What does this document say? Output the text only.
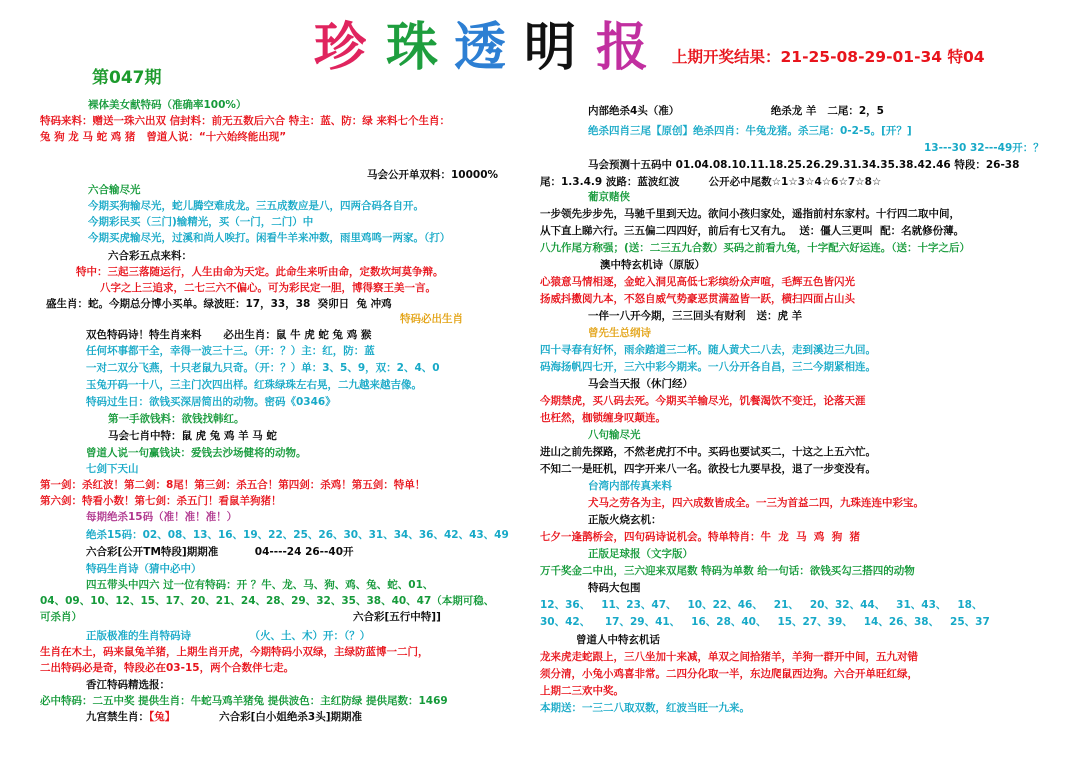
珍 珠 透 明 报
第047期
上期开奖结果：21-25-08-29-01-34 特04
裸体美女献特码（准确率100%）
特码来料：赠送一珠六出双 信封料：前无五数后六合 特主：蓝、防：绿 来料七个生肖：
兔 狗 龙 马 蛇 鸡 猪   曾道人说：“十六始终能出现”
马会公开单双料：10000%
六合输尽光
今期买狗输尽光，蛇儿腾空难成龙。三五成数应是八，四两合码各自开。
今期彩民买（三门)输精光，买（一门，二门）中
今期买虎输尽光，过溪和尚人唉打。闲看牛羊来冲数，雨里鸡鸣一两家。（打）
六合彩五点来料：
特中：三起三落随运行，人生由命为天定。此命生来听由命，定数坎坷莫争辩。
八字之上三追求，二七三六不偏心。可为彩民定一胆，博得察王美一言。
盛生肖：蛇。今期总分博小买单。绿波旺：17，33，38  癸卯日  兔 冲鸡
特码必出生肖
双色特码诗！特生肖来料      必出生肖：鼠 牛 虎 蛇 兔 鸡 猴
任何坏事都干全，幸得一波三十三。（开：？）主：红，防：蓝
一对二双分飞燕，十只老鼠九只奇。（开：？）单：3、5、9，双：2、4、0
玉兔开码一十八，三主门次四出样。红珠绿珠左右晃，二九越来越吉像。
特码过生日：欲钱买深居简出的动物。密码《0346》
第一手欲钱料：欲钱找韩红。
马会七肖中特：鼠 虎 兔 鸡 羊 马 蛇
曾道人说一句赢钱诀：爱钱去沙场健将的动物。
七剑下天山
第一剑：杀红波！第二剑：8尾！第三剑：杀五合！第四剑：杀鸡！第五剑：特单！
第六剑：特看小数！第七剑：杀五门！看鼠羊狗猪！
每期绝杀15码（准！准！准！）
绝杀15码：02、08、13、16、19、22、25、26、30、31、34、36、42、43、49
六合彩[公开TM特段]期期准          04----24 26--40开
特码生肖诗（猜中必中）
四五带头中四六 过一位有特码：开 ？牛、龙、马、狗、鸡、兔、蛇、01、
04、09、10、12、15、17、20、21、24、28、29、32、35、38、40、47（本期可稳、
可杀肖）	六合彩[五行中特]]
正版极准的生肖特码诗                （火、土、木）开：（？）
生肖在木土，码来鼠兔羊猪，上期生肖开虎，今期特码小双绿，主绿防蓝博一二门，
二出特码必是奇，特段必在03-15，两个合数伴七走。
香江特码精选报：
必中特码：二五中奖 提供生肖：牛蛇马鸡羊猪兔 提供波色：主红防绿 提供尾数：1469
九宫禁生肖：【兔】            六合彩[白小姐绝杀3头]期期准
内部绝杀4头（准）                         绝杀龙 羊   二尾：2，5
绝杀四肖三尾【原创】绝杀四肖：牛兔龙猪。杀三尾：0-2-5。[开？]
13---30 32---49开：？
马会预测十五码中 01.04.08.10.11.18.25.26.29.31.34.35.38.42.46 特段：26-38
尾：1.3.4.9 波路：蓝波红波        公开必中尾数☆1☆3☆4☆6☆7☆8☆
葡京赌侠
一步领先步步先，马驰千里到天边。欲问小孩归家处，遥指前村东家村。十行四二取中间，
从下直上睇六行。三五偏二四四好，前后有七又有九。  送：僵人三更叫  配：名就修份薄。
八九作尾方称强；(送：二三五九合数）买码之前看九兔，十字配六好运连。（送：十字之后）
澳中特玄机诗（原版）
心猿意马情相逐，金蛇入洞见高低七彩缤纷众声喧，毛辉五色皆闪光
扬威抖擞阅九本，不怒自威气势豪恶贯满盈皆一跃，横扫四面占山头
一伴一八开今期，三三回头有财利   送：虎 羊
曾先生总纲诗
四十寻春有好怀，雨余踏道三二杯。随人黄犬二八去，走到溪边三九回。
码海扬帆四七开，三六中彩今期来。一八分开各自昌，三二今期紧相连。
马会当天报（休门经）
今期禁虎，买八码去死。今期买羊输尽光，饥餐渴饮不变迁，论落天涯
也枉然，枷锁缠身叹颠连。
八句输尽光
进山之前先探路，不然老虎打不中。买码也要试买二，十这之上五六忙。
不知二一是旺机，四字开来八一名。欲投七九要早投，退了一步变没有。
台湾内部传真来料
犬马之劳各为主，四六成数皆成全。一三为首益二四，九珠连连中彩宝。
正版火烧玄机：
七夕一逢鹊桥会，四句码诗说机会。特单特肖：牛  龙  马  鸡  狗  猪
正版足球报（文字版）
万千奖金二中出，三六迎来双尾数 特码为单数 给一句话：欲钱买勾三搭四的动物
特码大包围
12、36、   11、23、47、   10、22、46、   21、   20、32、44、   31、43、   18、
30、42、    17、29、41、   16、28、40、   15、27、39、   14、26、38、   25、37
曾道人中特玄机话
龙来虎走蛇跟上，三八坐加十来减，单双之间拾猪羊，羊狗一群开中间，五九对错
须分清，小兔小鸡喜非常。二四分化取一半，东边爬鼠西边狗。六合开单旺红绿，
上期二三欢中奖。
本期送：一三二八取双数，红波当旺一九来。
